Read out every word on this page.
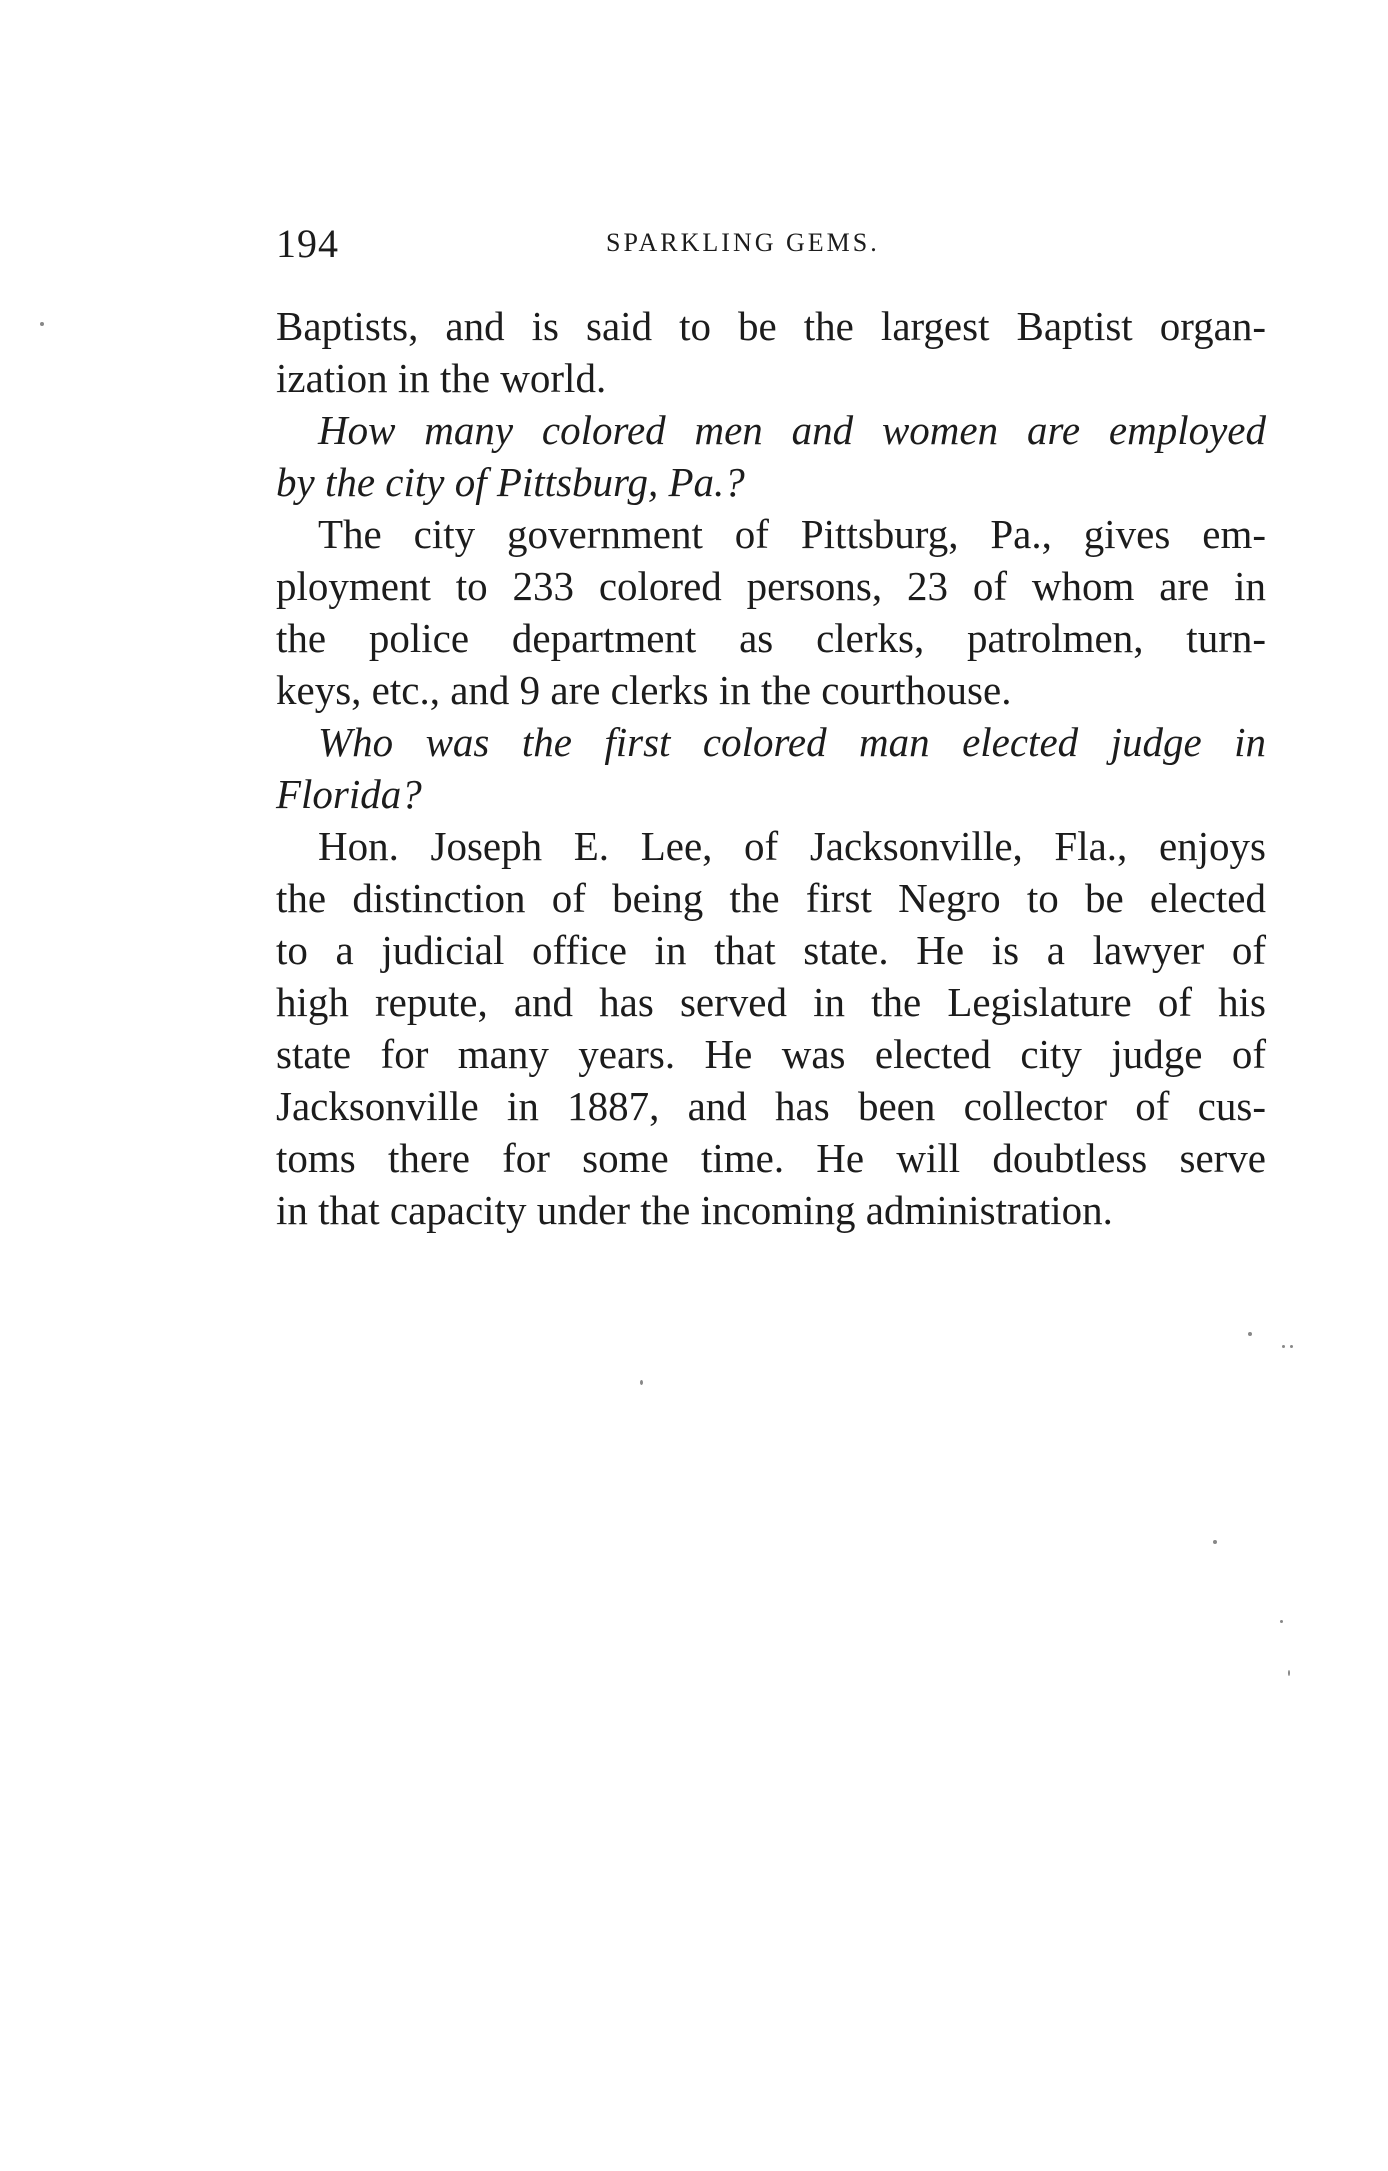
194	SPARKLING GEMS.
Baptists, and is said to be the largest Baptist organ-
ization in the world.
How many colored men and women are employed
by the city of Pittsburg, Pa.?
The city government of Pittsburg, Pa., gives em-
ployment to 233 colored persons, 23 of whom are in
the police department as clerks, patrolmen, turn-
keys, etc., and 9 are clerks in the courthouse.
Who was the first colored man elected judge in
Florida?
Hon. Joseph E. Lee, of Jacksonville, Fla., enjoys
the distinction of being the first Negro to be elected
to a judicial office in that state. He is a lawyer of
high repute, and has served in the Legislature of his
state for many years. He was elected city judge of
Jacksonville in 1887, and has been collector of cus-
toms there for some time. He will doubtless serve
in that capacity under the incoming administration.
